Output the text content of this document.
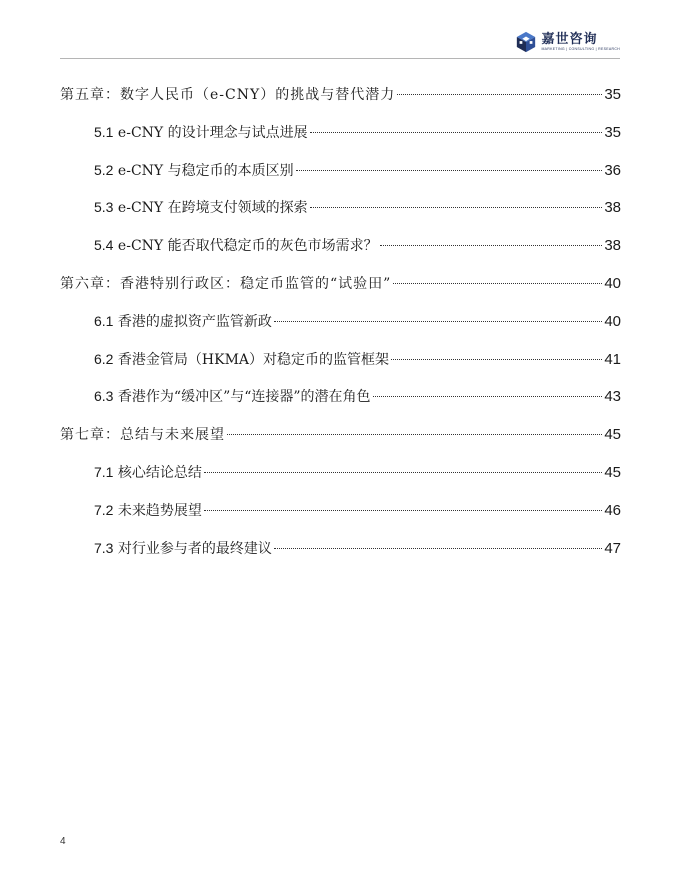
嘉世咨询
MARKETING | CONSULTING | RESEARCH
第五章：数字人民币（e-CNY）的挑战与替代潜力	35
5.1 e-CNY 的设计理念与试点进展	35
5.2 e-CNY 与稳定币的本质区别	36
5.3 e-CNY 在跨境支付领域的探索	38
5.4 e-CNY 能否取代稳定币的灰色市场需求？	38
第六章：香港特别行政区：稳定币监管的“试验田”	40
6.1 香港的虚拟资产监管新政	40
6.2 香港金管局（HKMA）对稳定币的监管框架	41
6.3 香港作为“缓冲区”与“连接器”的潜在角色	43
第七章：总结与未来展望	45
7.1 核心结论总结	45
7.2 未来趋势展望	46
7.3 对行业参与者的最终建议	47
4
